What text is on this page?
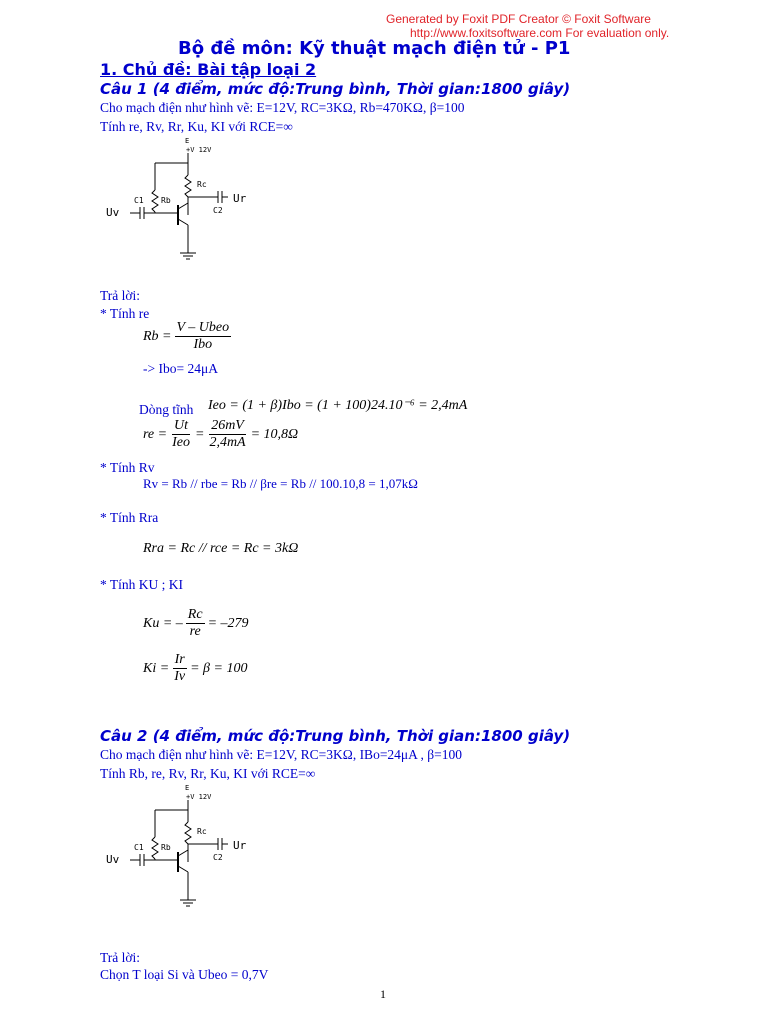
Generated by Foxit PDF Creator © Foxit Software
http://www.foxitsoftware.com For evaluation only.
Bộ đề môn: Kỹ thuật mạch điện tử - P1
1. Chủ đề: Bài tập loại 2
Câu 1 (4 điểm, mức độ:Trung bình, Thời gian:1800 giây)
Cho mạch điện như hình vẽ: E=12V, RC=3KΩ, Rb=470KΩ, β=100
Tính re, Rv, Rr, Ku, KI với RCE=∞
E
+V 12V
Rc
Rb
C1
C2
Uv
Ur
Trả lời:
* Tính re
$Rb = \frac{\text{V – Ubeo}}{\text{Ibo}}$
-> Ibo= 24μA
Dòng tĩnh Ieo = (1 + β)Ibo = (1 + 100)24.10⁻⁶ = 2,4mA
re = $\frac{Ut}{\text{Ieo}} = \frac{26mV}{2,4mA} = 10,8\Omega$
* Tính Rv
Rv = Rb // rbe = Rb // βre = Rb // 100.10,8 = 1,07kΩ
* Tính Rra
Rra = Rc // rce = Rc = 3kΩ
* Tính KU ; KI
Ku = – $\frac{Rc}{re} = -279$
$Ki = \frac{Ir}{Iv} = \beta = 100$
Câu 2 (4 điểm, mức độ:Trung bình, Thời gian:1800 giây)
Cho mạch điện như hình vẽ: E=12V, RC=3KΩ, IBo=24μA , β=100
Tính Rb, re, Rv, Rr, Ku, KI với RCE=∞
E
+V 12V
Rc
Rb
C1
C2
Uv
Ur
Trả lời:
Chọn T loại Si và Ubeo = 0,7V
1
